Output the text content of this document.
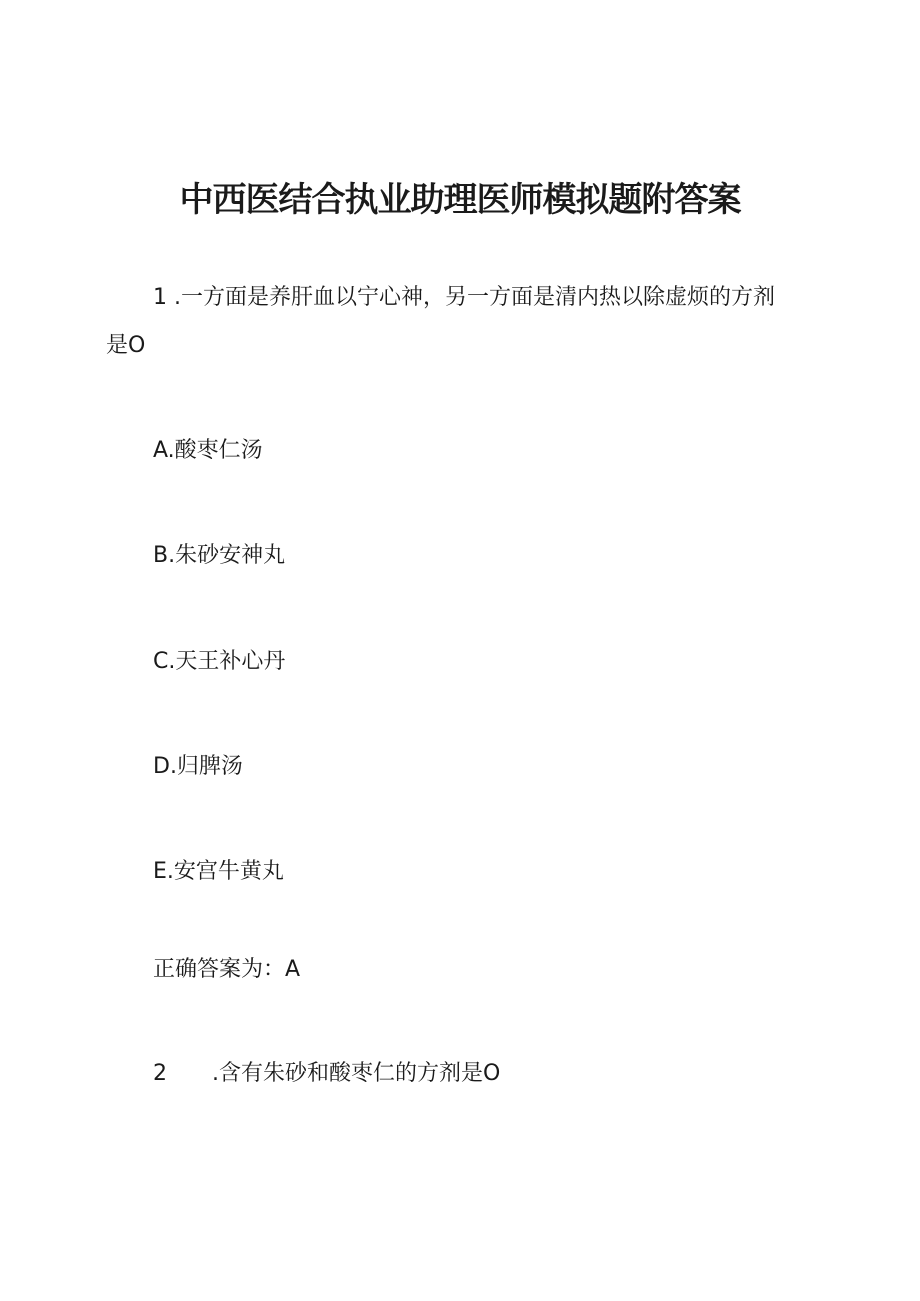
中西医结合执业助理医师模拟题附答案
1 .一方面是养肝血以宁心神，另一方面是清内热以除虚烦的方剂
是O
A.酸枣仁汤
B.朱砂安神丸
C.天王补心丹
D.归脾汤
E.安宫牛黄丸
正确答案为：A
2 .含有朱砂和酸枣仁的方剂是O
